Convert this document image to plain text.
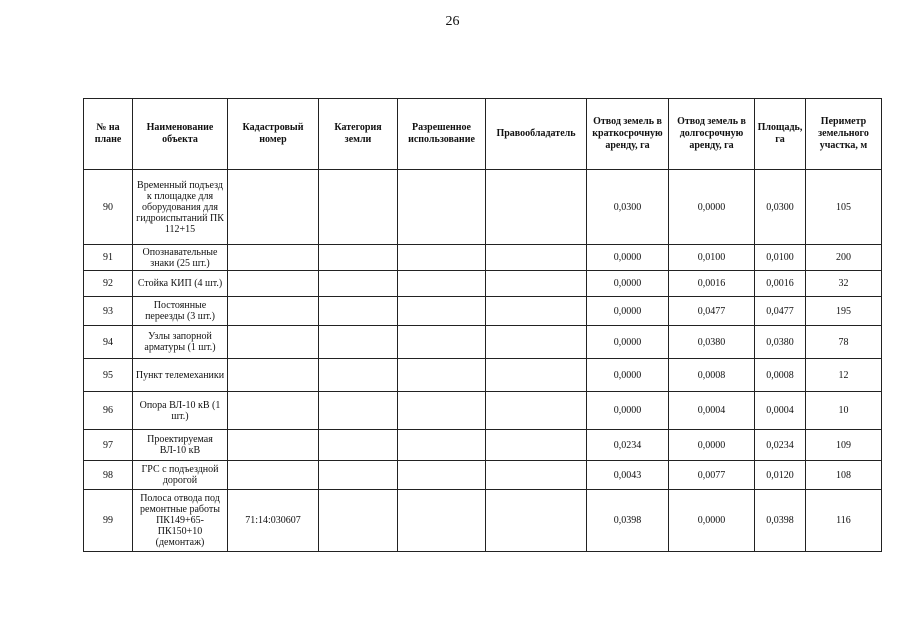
26
№ на плане	Наименование объекта	Кадастровый номер	Категория земли	Разрешенное использование	Правообладатель	Отвод земель в краткосрочную аренду, га	Отвод земель в долгосрочную аренду, га	Площадь, га	Периметр земельного участка, м
90	Временный подъезд к площадке для оборудования для гидроиспытаний ПК 112+15					0,0300	0,0000	0,0300	105
91	Опознавательные знаки (25 шт.)					0,0000	0,0100	0,0100	200
92	Стойка КИП (4 шт.)					0,0000	0,0016	0,0016	32
93	Постоянные переезды (3 шт.)					0,0000	0,0477	0,0477	195
94	Узлы запорной арматуры (1 шт.)					0,0000	0,0380	0,0380	78
95	Пункт телемеханики					0,0000	0,0008	0,0008	12
96	Опора ВЛ-10 кВ (1 шт.)					0,0000	0,0004	0,0004	10
97	Проектируемая ВЛ-10 кВ					0,0234	0,0000	0,0234	109
98	ГРС с подъездной дорогой					0,0043	0,0077	0,0120	108
99	Полоса отвода под ремонтные работы ПК149+65-ПК150+10 (демонтаж)	71:14:030607				0,0398	0,0000	0,0398	116
